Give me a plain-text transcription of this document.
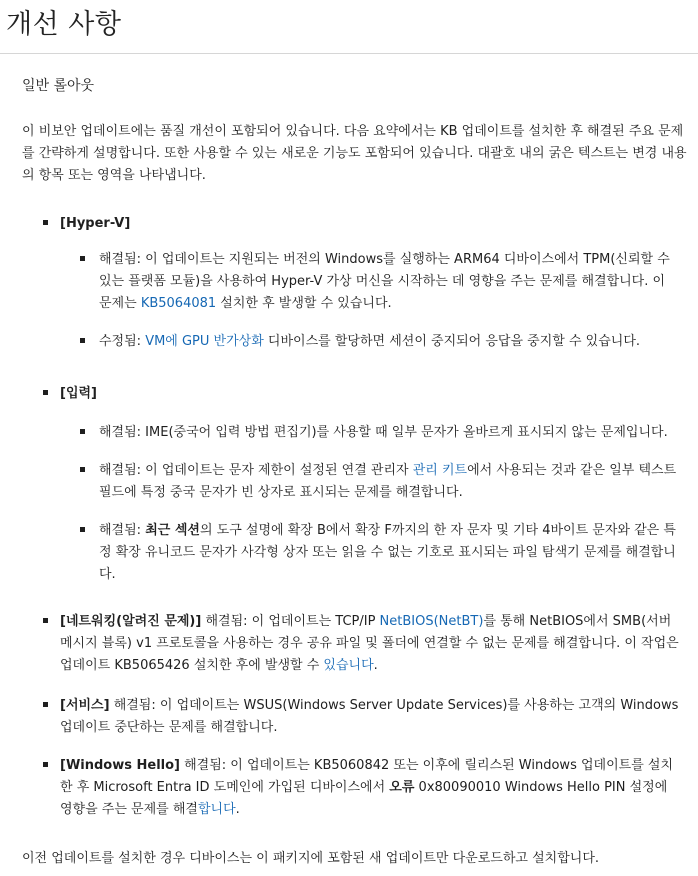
개선 사항
일반 롤아웃

이 비보안 업데이트에는 품질 개선이 포함되어 있습니다. 다음 요약에서는 KB 업데이트를 설치한 후 해결된 주요 문제를 간략하게 설명합니다. 또한 사용할 수 있는 새로운 기능도 포함되어 있습니다. 대괄호 내의 굵은 텍스트는 변경 내용의 항목 또는 영역을 나타냅니다.

[Hyper-V]

해결됨: 이 업데이트는 지원되는 버전의 Windows를 실행하는 ARM64 디바이스에서 TPM(신뢰할 수 있는 플랫폼 모듈)을 사용하여 Hyper-V 가상 머신을 시작하는 데 영향을 주는 문제를 해결합니다. 이 문제는 KB5064081 설치한 후 발생할 수 있습니다.

수정됨: VM에 GPU 반가상화 디바이스를 할당하면 세션이 중지되어 응답을 중지할 수 있습니다.

[입력]

해결됨: IME(중국어 입력 방법 편집기)를 사용할 때 일부 문자가 올바르게 표시되지 않는 문제입니다.

해결됨: 이 업데이트는 문자 제한이 설정된 연결 관리자 관리 키트에서 사용되는 것과 같은 일부 텍스트 필드에 특정 중국 문자가 빈 상자로 표시되는 문제를 해결합니다.

해결됨: 최근 섹션의 도구 설명에 확장 B에서 확장 F까지의 한 자 문자 및 기타 4바이트 문자와 같은 특정 확장 유니코드 문자가 사각형 상자 또는 읽을 수 없는 기호로 표시되는 파일 탐색기 문제를 해결합니다.

[네트워킹(알려진 문제)] 해결됨: 이 업데이트는 TCP/IP NetBIOS(NetBT)를 통해 NetBIOS에서 SMB(서버 메시지 블록) v1 프로토콜을 사용하는 경우 공유 파일 및 폴더에 연결할 수 없는 문제를 해결합니다. 이 작업은 업데이트 KB5065426 설치한 후에 발생할 수 있습니다.

[서비스] 해결됨: 이 업데이트는 WSUS(Windows Server Update Services)를 사용하는 고객의 Windows 업데이트 중단하는 문제를 해결합니다.

[Windows Hello] 해결됨: 이 업데이트는 KB5060842 또는 이후에 릴리스된 Windows 업데이트를 설치한 후 Microsoft Entra ID 도메인에 가입된 디바이스에서 오류 0x80090010 Windows Hello PIN 설정에 영향을 주는 문제를 해결합니다.

이전 업데이트를 설치한 경우 디바이스는 이 패키지에 포함된 새 업데이트만 다운로드하고 설치합니다.
